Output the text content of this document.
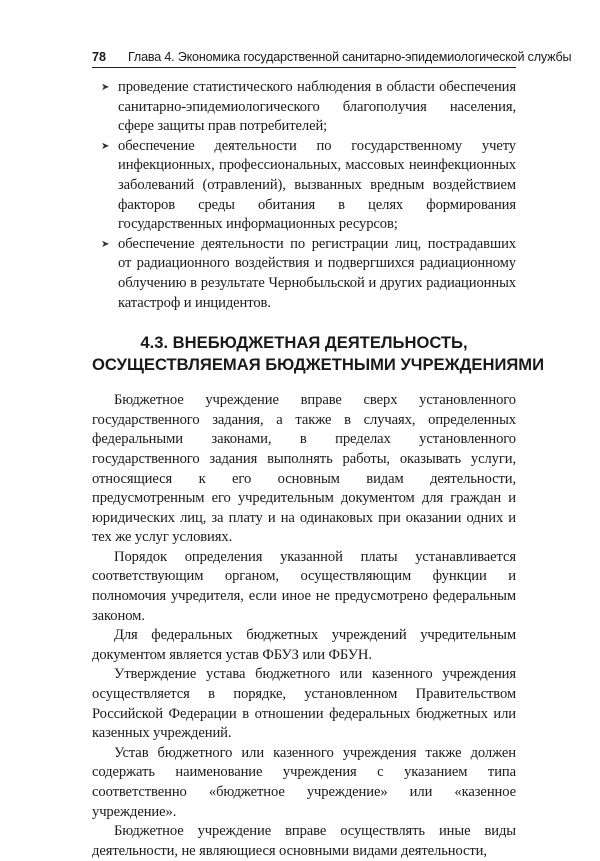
78 Глава 4. Экономика государственной санитарно-эпидемиологической службы
➤ проведение статистического наблюдения в области обеспечения санитарно-эпидемиологического благополучия населения, сфере защиты прав потребителей;
➤ обеспечение деятельности по государственному учету инфекционных, профессиональных, массовых неинфекционных заболеваний (отравлений), вызванных вредным воздействием факторов среды обитания в целях формирования государственных информационных ресурсов;
➤ обеспечение деятельности по регистрации лиц, пострадавших от радиационного воздействия и подвергшихся радиационному облучению в результате Чернобыльской и других радиационных катастроф и инцидентов.
4.3. ВНЕБЮДЖЕТНАЯ ДЕЯТЕЛЬНОСТЬ,
ОСУЩЕСТВЛЯЕМАЯ БЮДЖЕТНЫМИ УЧРЕЖДЕНИЯМИ

Бюджетное учреждение вправе сверх установленного государственного задания, а также в случаях, определенных федеральными законами, в пределах установленного государственного задания выполнять работы, оказывать услуги, относящиеся к его основным видам деятельности, предусмотренным его учредительным документом для граждан и юридических лиц, за плату и на одинаковых при оказании одних и тех же услуг условиях.

Порядок определения указанной платы устанавливается соответствующим органом, осуществляющим функции и полномочия учредителя, если иное не предусмотрено федеральным законом.

Для федеральных бюджетных учреждений учредительным документом является устав ФБУЗ или ФБУН.

Утверждение устава бюджетного или казенного учреждения осуществляется в порядке, установленном Правительством Российской Федерации в отношении федеральных бюджетных или казенных учреждений.

Устав бюджетного или казенного учреждения также должен содержать наименование учреждения с указанием типа соответственно «бюджетное учреждение» или «казенное учреждение».

Бюджетное учреждение вправе осуществлять иные виды деятельности, не являющиеся основными видами деятельности,
